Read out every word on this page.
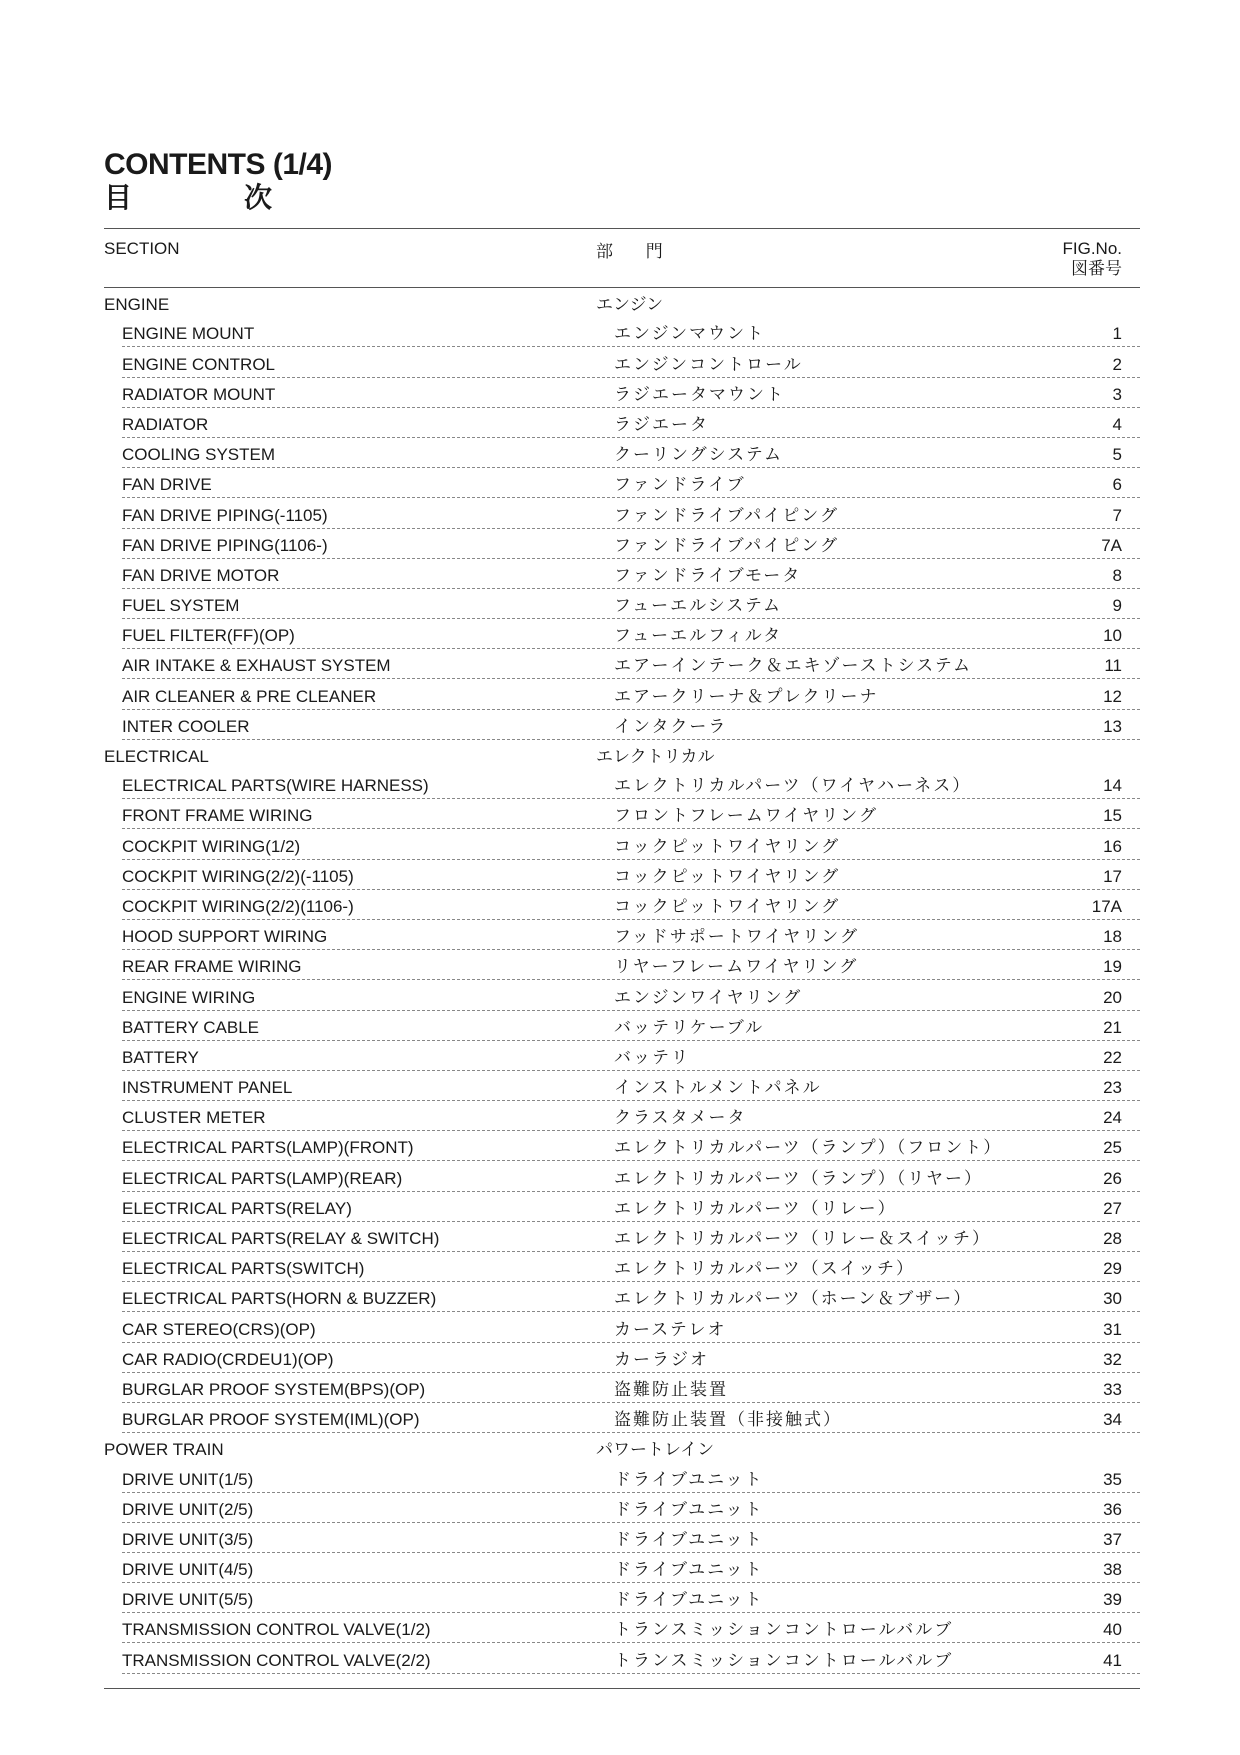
CONTENTS (1/4)
目	次
SECTION	部 門	FIG.No.
図番号
ENGINE	エンジン
ENGINE MOUNT	エンジンマウント	1
ENGINE CONTROL	エンジンコントロール	2
RADIATOR MOUNT	ラジエータマウント	3
RADIATOR	ラジエータ	4
COOLING SYSTEM	クーリングシステム	5
FAN DRIVE	ファンドライブ	6
FAN DRIVE PIPING(-1105)	ファンドライブパイピング	7
FAN DRIVE PIPING(1106-)	ファンドライブパイピング	7A
FAN DRIVE MOTOR	ファンドライブモータ	8
FUEL SYSTEM	フューエルシステム	9
FUEL FILTER(FF)(OP)	フューエルフィルタ	10
AIR INTAKE & EXHAUST SYSTEM	エアーインテーク＆エキゾーストシステム	11
AIR CLEANER & PRE CLEANER	エアークリーナ＆プレクリーナ	12
INTER COOLER	インタクーラ	13
ELECTRICAL	エレクトリカル
ELECTRICAL PARTS(WIRE HARNESS)	エレクトリカルパーツ（ワイヤハーネス）	14
FRONT FRAME WIRING	フロントフレームワイヤリング	15
COCKPIT WIRING(1/2)	コックピットワイヤリング	16
COCKPIT WIRING(2/2)(-1105)	コックピットワイヤリング	17
COCKPIT WIRING(2/2)(1106-)	コックピットワイヤリング	17A
HOOD SUPPORT WIRING	フッドサポートワイヤリング	18
REAR FRAME WIRING	リヤーフレームワイヤリング	19
ENGINE WIRING	エンジンワイヤリング	20
BATTERY CABLE	バッテリケーブル	21
BATTERY	バッテリ	22
INSTRUMENT PANEL	インストルメントパネル	23
CLUSTER METER	クラスタメータ	24
ELECTRICAL PARTS(LAMP)(FRONT)	エレクトリカルパーツ（ランプ）（フロント）	25
ELECTRICAL PARTS(LAMP)(REAR)	エレクトリカルパーツ（ランプ）（リヤー）	26
ELECTRICAL PARTS(RELAY)	エレクトリカルパーツ（リレー）	27
ELECTRICAL PARTS(RELAY & SWITCH)	エレクトリカルパーツ（リレー＆スイッチ）	28
ELECTRICAL PARTS(SWITCH)	エレクトリカルパーツ（スイッチ）	29
ELECTRICAL PARTS(HORN & BUZZER)	エレクトリカルパーツ（ホーン＆ブザー）	30
CAR STEREO(CRS)(OP)	カーステレオ	31
CAR RADIO(CRDEU1)(OP)	カーラジオ	32
BURGLAR PROOF SYSTEM(BPS)(OP)	盗難防止装置	33
BURGLAR PROOF SYSTEM(IML)(OP)	盗難防止装置（非接触式）	34
POWER TRAIN	パワートレイン
DRIVE UNIT(1/5)	ドライブユニット	35
DRIVE UNIT(2/5)	ドライブユニット	36
DRIVE UNIT(3/5)	ドライブユニット	37
DRIVE UNIT(4/5)	ドライブユニット	38
DRIVE UNIT(5/5)	ドライブユニット	39
TRANSMISSION CONTROL VALVE(1/2)	トランスミッションコントロールバルブ	40
TRANSMISSION CONTROL VALVE(2/2)	トランスミッションコントロールバルブ	41
